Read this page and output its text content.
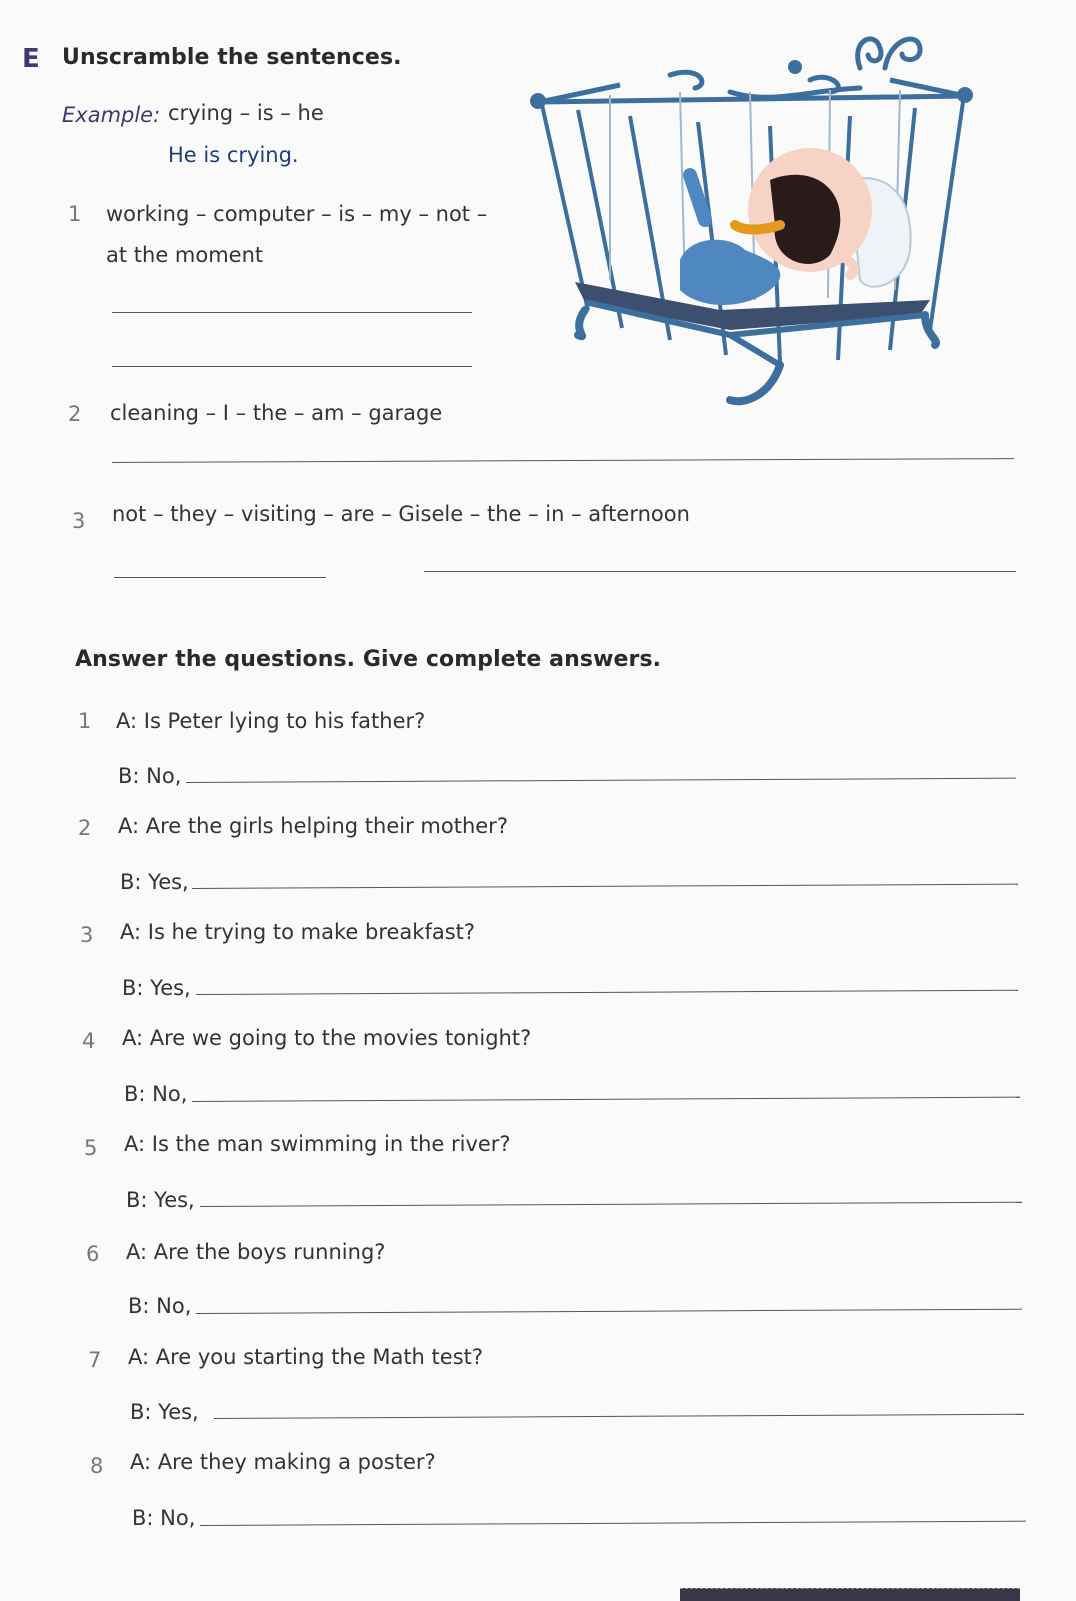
E Unscramble the sentences.
Example: crying – is – he
He is crying.
1 working – computer – is – my – not –
at the moment
2 cleaning – I – the – am – garage
3 not – they – visiting – are – Gisele – the – in – afternoon
Answer the questions. Give complete answers.
1 A: Is Peter lying to his father?
B: No,
2 A: Are the girls helping their mother?
B: Yes,
3 A: Is he trying to make breakfast?
B: Yes,
4 A: Are we going to the movies tonight?
B: No,
5 A: Is the man swimming in the river?
B: Yes,
6 A: Are the boys running?
B: No,
7 A: Are you starting the Math test?
B: Yes,
8 A: Are they making a poster?
B: No,
